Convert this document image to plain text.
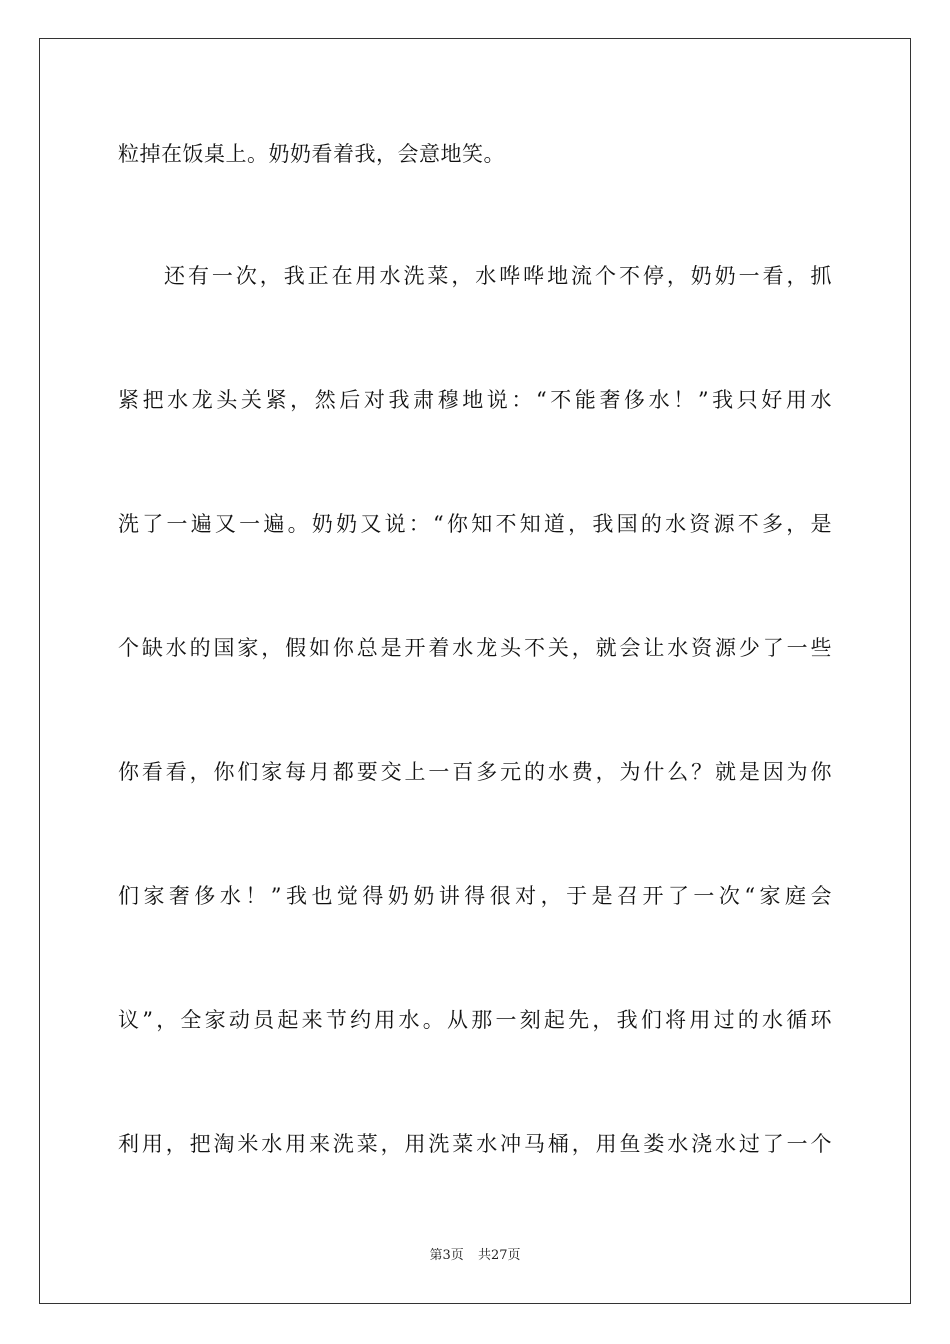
粒掉在饭桌上。奶奶看着我，会意地笑。
还有一次，我正在用水洗菜，水哗哗地流个不停，奶奶一看，抓
紧把水龙头关紧，然后对我肃穆地说：“不能奢侈水！”我只好用水
洗了一遍又一遍。奶奶又说：“你知不知道，我国的水资源不多，是
个缺水的国家，假如你总是开着水龙头不关，就会让水资源少了一些
你看看，你们家每月都要交上一百多元的水费，为什么？就是因为你
们家奢侈水！”我也觉得奶奶讲得很对，于是召开了一次“家庭会
议”，全家动员起来节约用水。从那一刻起先，我们将用过的水循环
利用，把淘米水用来洗菜，用洗菜水冲马桶，用鱼娄水浇水过了一个
第3页 共27页
